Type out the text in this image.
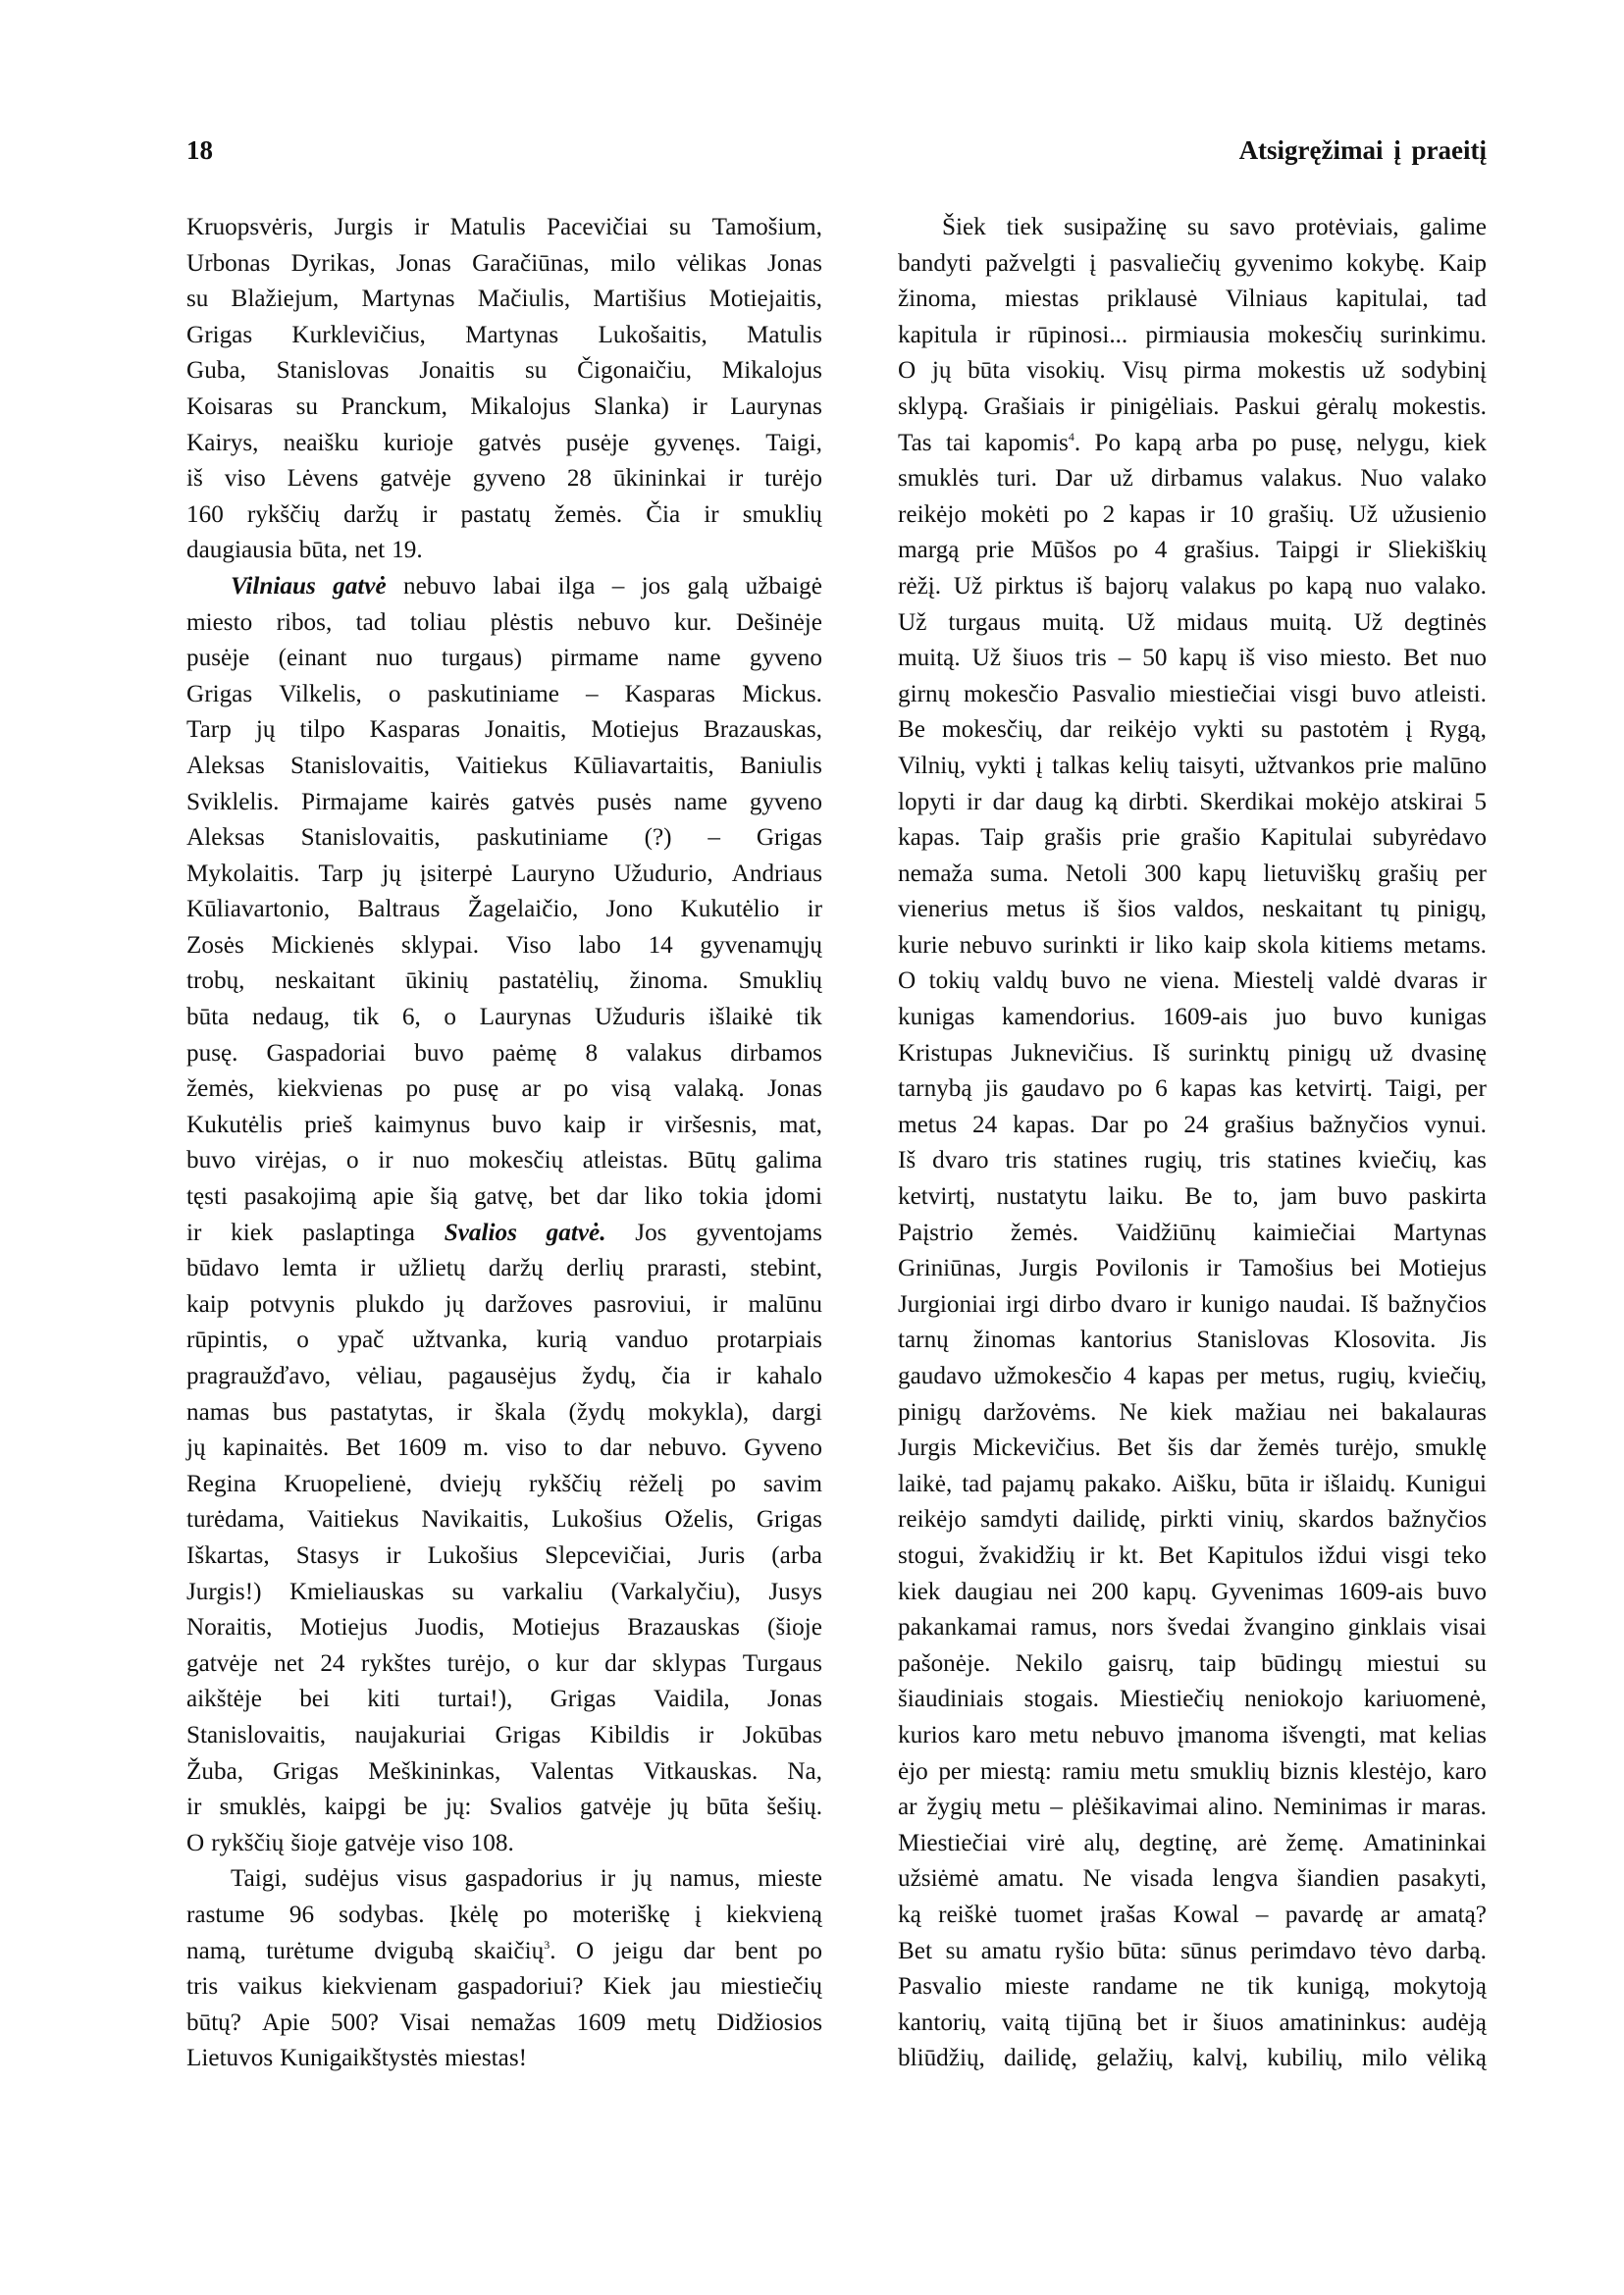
18	Atsigręžimai į praeitį
Kruopsvėris, Jurgis ir Matulis Pacevičiai su Tamošium,
Urbonas Dyrikas, Jonas Garačiūnas, milo vėlikas Jonas
su Blažiejum, Martynas Mačiulis, Martišius Motiejaitis,
Grigas Kurklevičius, Martynas Lukošaitis, Matulis
Guba, Stanislovas Jonaitis su Čigonaičiu, Mikalojus
Koisaras su Pranckum, Mikalojus Slanka) ir Laurynas
Kairys, neaišku kurioje gatvės pusėje gyvenęs. Taigi,
iš viso Lėvens gatvėje gyveno 28 ūkininkai ir turėjo
160 rykščių daržų ir pastatų žemės. Čia ir smuklių
daugiausia būta, net 19.
Vilniaus gatvė nebuvo labai ilga – jos galą užbaigė
miesto ribos, tad toliau plėstis nebuvo kur. Dešinėje
pusėje (einant nuo turgaus) pirmame name gyveno
Grigas Vilkelis, o paskutiniame – Kasparas Mickus.
Tarp jų tilpo Kasparas Jonaitis, Motiejus Brazauskas,
Aleksas Stanislovaitis, Vaitiekus Kūliavartaitis, Baniulis
Sviklelis. Pirmajame kairės gatvės pusės name gyveno
Aleksas Stanislovaitis, paskutiniame (?) – Grigas
Mykolaitis. Tarp jų įsiterpė Lauryno Užudurio, Andriaus
Kūliavartonio, Baltraus Žagelaičio, Jono Kukutėlio ir
Zosės Mickienės sklypai. Viso labo 14 gyvenamųjų
trobų, neskaitant ūkinių pastatėlių, žinoma. Smuklių
būta nedaug, tik 6, o Laurynas Užuduris išlaikė tik
pusę. Gaspadoriai buvo paėmę 8 valakus dirbamos
žemės, kiekvienas po pusę ar po visą valaką. Jonas
Kukutėlis prieš kaimynus buvo kaip ir viršesnis, mat,
buvo virėjas, o ir nuo mokesčių atleistas. Būtų galima
tęsti pasakojimą apie šią gatvę, bet dar liko tokia įdomi
ir kiek paslaptinga Svalios gatvė. Jos gyventojams
būdavo lemta ir užlietų daržų derlių prarasti, stebint,
kaip potvynis plukdo jų daržoves pasroviui, ir malūnu
rūpintis, o ypač užtvanka, kurią vanduo protarpiais
pragraužďavo, vėliau, pagausėjus žydų, čia ir kahalo
namas bus pastatytas, ir škala (žydų mokykla), dargi
jų kapinaitės. Bet 1609 m. viso to dar nebuvo. Gyveno
Regina Kruopelienė, dviejų rykščių rėželį po savim
turėdama, Vaitiekus Navikaitis, Lukošius Oželis, Grigas
Iškartas, Stasys ir Lukošius Slepcevičiai, Juris (arba
Jurgis!) Kmieliauskas su varkaliu (Varkalyčiu), Jusys
Noraitis, Motiejus Juodis, Motiejus Brazauskas (šioje
gatvėje net 24 rykštes turėjo, o kur dar sklypas Turgaus
aikštėje bei kiti turtai!), Grigas Vaidila, Jonas
Stanislovaitis, naujakuriai Grigas Kibildis ir Jokūbas
Žuba, Grigas Meškininkas, Valentas Vitkauskas. Na,
ir smuklės, kaipgi be jų: Svalios gatvėje jų būta šešių.
O rykščių šioje gatvėje viso 108.
Taigi, sudėjus visus gaspadorius ir jų namus, mieste
rastume 96 sodybas. Įkėlę po moteriškę į kiekvieną
namą, turėtume dvigubą skaičių$^3$. O jeigu dar bent po
tris vaikus kiekvienam gaspadoriui? Kiek jau miestiečių
būtų? Apie 500? Visai nemažas 1609 metų Didžiosios
Lietuvos Kunigaikštystės miestas!
Šiek tiek susipažinę su savo protėviais, galime
bandyti pažvelgti į pasvaliečių gyvenimo kokybę. Kaip
žinoma, miestas priklausė Vilniaus kapitulai, tad
kapitula ir rūpinosi... pirmiausia mokesčių surinkimu.
O jų būta visokių. Visų pirma mokestis už sodybinį
sklypą. Grašiais ir pinigėliais. Paskui gėralų mokestis.
Tas tai kapomis$^4$. Po kapą arba po pusę, nelygu, kiek
smuklės turi. Dar už dirbamus valakus. Nuo valako
reikėjo mokėti po 2 kapas ir 10 grašių. Už užusienio
margą prie Mūšos po 4 grašius. Taipgi ir Sliekiškių
rėžį. Už pirktus iš bajorų valakus po kapą nuo valako.
Už turgaus muitą. Už midaus muitą. Už degtinės
muitą. Už šiuos tris – 50 kapų iš viso miesto. Bet nuo
girnų mokesčio Pasvalio miestiečiai visgi buvo atleisti.
Be mokesčių, dar reikėjo vykti su pastotėm į Rygą,
Vilnių, vykti į talkas kelių taisyti, užtvankos prie malūno
lopyti ir dar daug ką dirbti. Skerdikai mokėjo atskirai 5
kapas. Taip grašis prie grašio Kapitulai subyrėdavo
nemaža suma. Netoli 300 kapų lietuviškų grašių per
vienerius metus iš šios valdos, neskaitant tų pinigų,
kurie nebuvo surinkti ir liko kaip skola kitiems metams.
O tokių valdų buvo ne viena. Miestelį valdė dvaras ir
kunigas kamendorius. 1609-ais juo buvo kunigas
Kristupas Juknevičius. Iš surinktų pinigų už dvasinę
tarnybą jis gaudavo po 6 kapas kas ketvirtį. Taigi, per
metus 24 kapas. Dar po 24 grašius bažnyčios vynui.
Iš dvaro tris statines rugių, tris statines kviečių, kas
ketvirtį, nustatytu laiku. Be to, jam buvo paskirta
Paįstrio žemės. Vaidžiūnų kaimiečiai Martynas
Griniūnas, Jurgis Povilonis ir Tamošius bei Motiejus
Jurgioniai irgi dirbo dvaro ir kunigo naudai. Iš bažnyčios
tarnų žinomas kantorius Stanislovas Klosovita. Jis
gaudavo užmokesčio 4 kapas per metus, rugių, kviečių,
pinigų daržovėms. Ne kiek mažiau nei bakalauras
Jurgis Mickevičius. Bet šis dar žemės turėjo, smuklę
laikė, tad pajamų pakako. Aišku, būta ir išlaidų. Kunigui
reikėjo samdyti dailidę, pirkti vinių, skardos bažnyčios
stogui, žvakidžių ir kt. Bet Kapitulos iždui visgi teko
kiek daugiau nei 200 kapų. Gyvenimas 1609-ais buvo
pakankamai ramus, nors švedai žvangino ginklais visai
pašonėje. Nekilo gaisrų, taip būdingų miestui su
šiaudiniais stogais. Miestiečių neniokojo kariuomenė,
kurios karo metu nebuvo įmanoma išvengti, mat kelias
ėjo per miestą: ramiu metu smuklių biznis klestėjo, karo
ar žygių metu – plėšikavimai alino. Neminimas ir maras.
Miestiečiai virė alų, degtinę, arė žemę. Amatininkai
užsiėmė amatu. Ne visada lengva šiandien pasakyti,
ką reiškė tuomet įrašas Kowal – pavardę ar amatą?
Bet su amatu ryšio būta: sūnus perimdavo tėvo darbą.
Pasvalio mieste randame ne tik kunigą, mokytoją
kantorių, vaitą tijūną bet ir šiuos amatininkus: audėją
bliūdžių, dailidę, gelažių, kalvį, kubilių, milo vėliką
